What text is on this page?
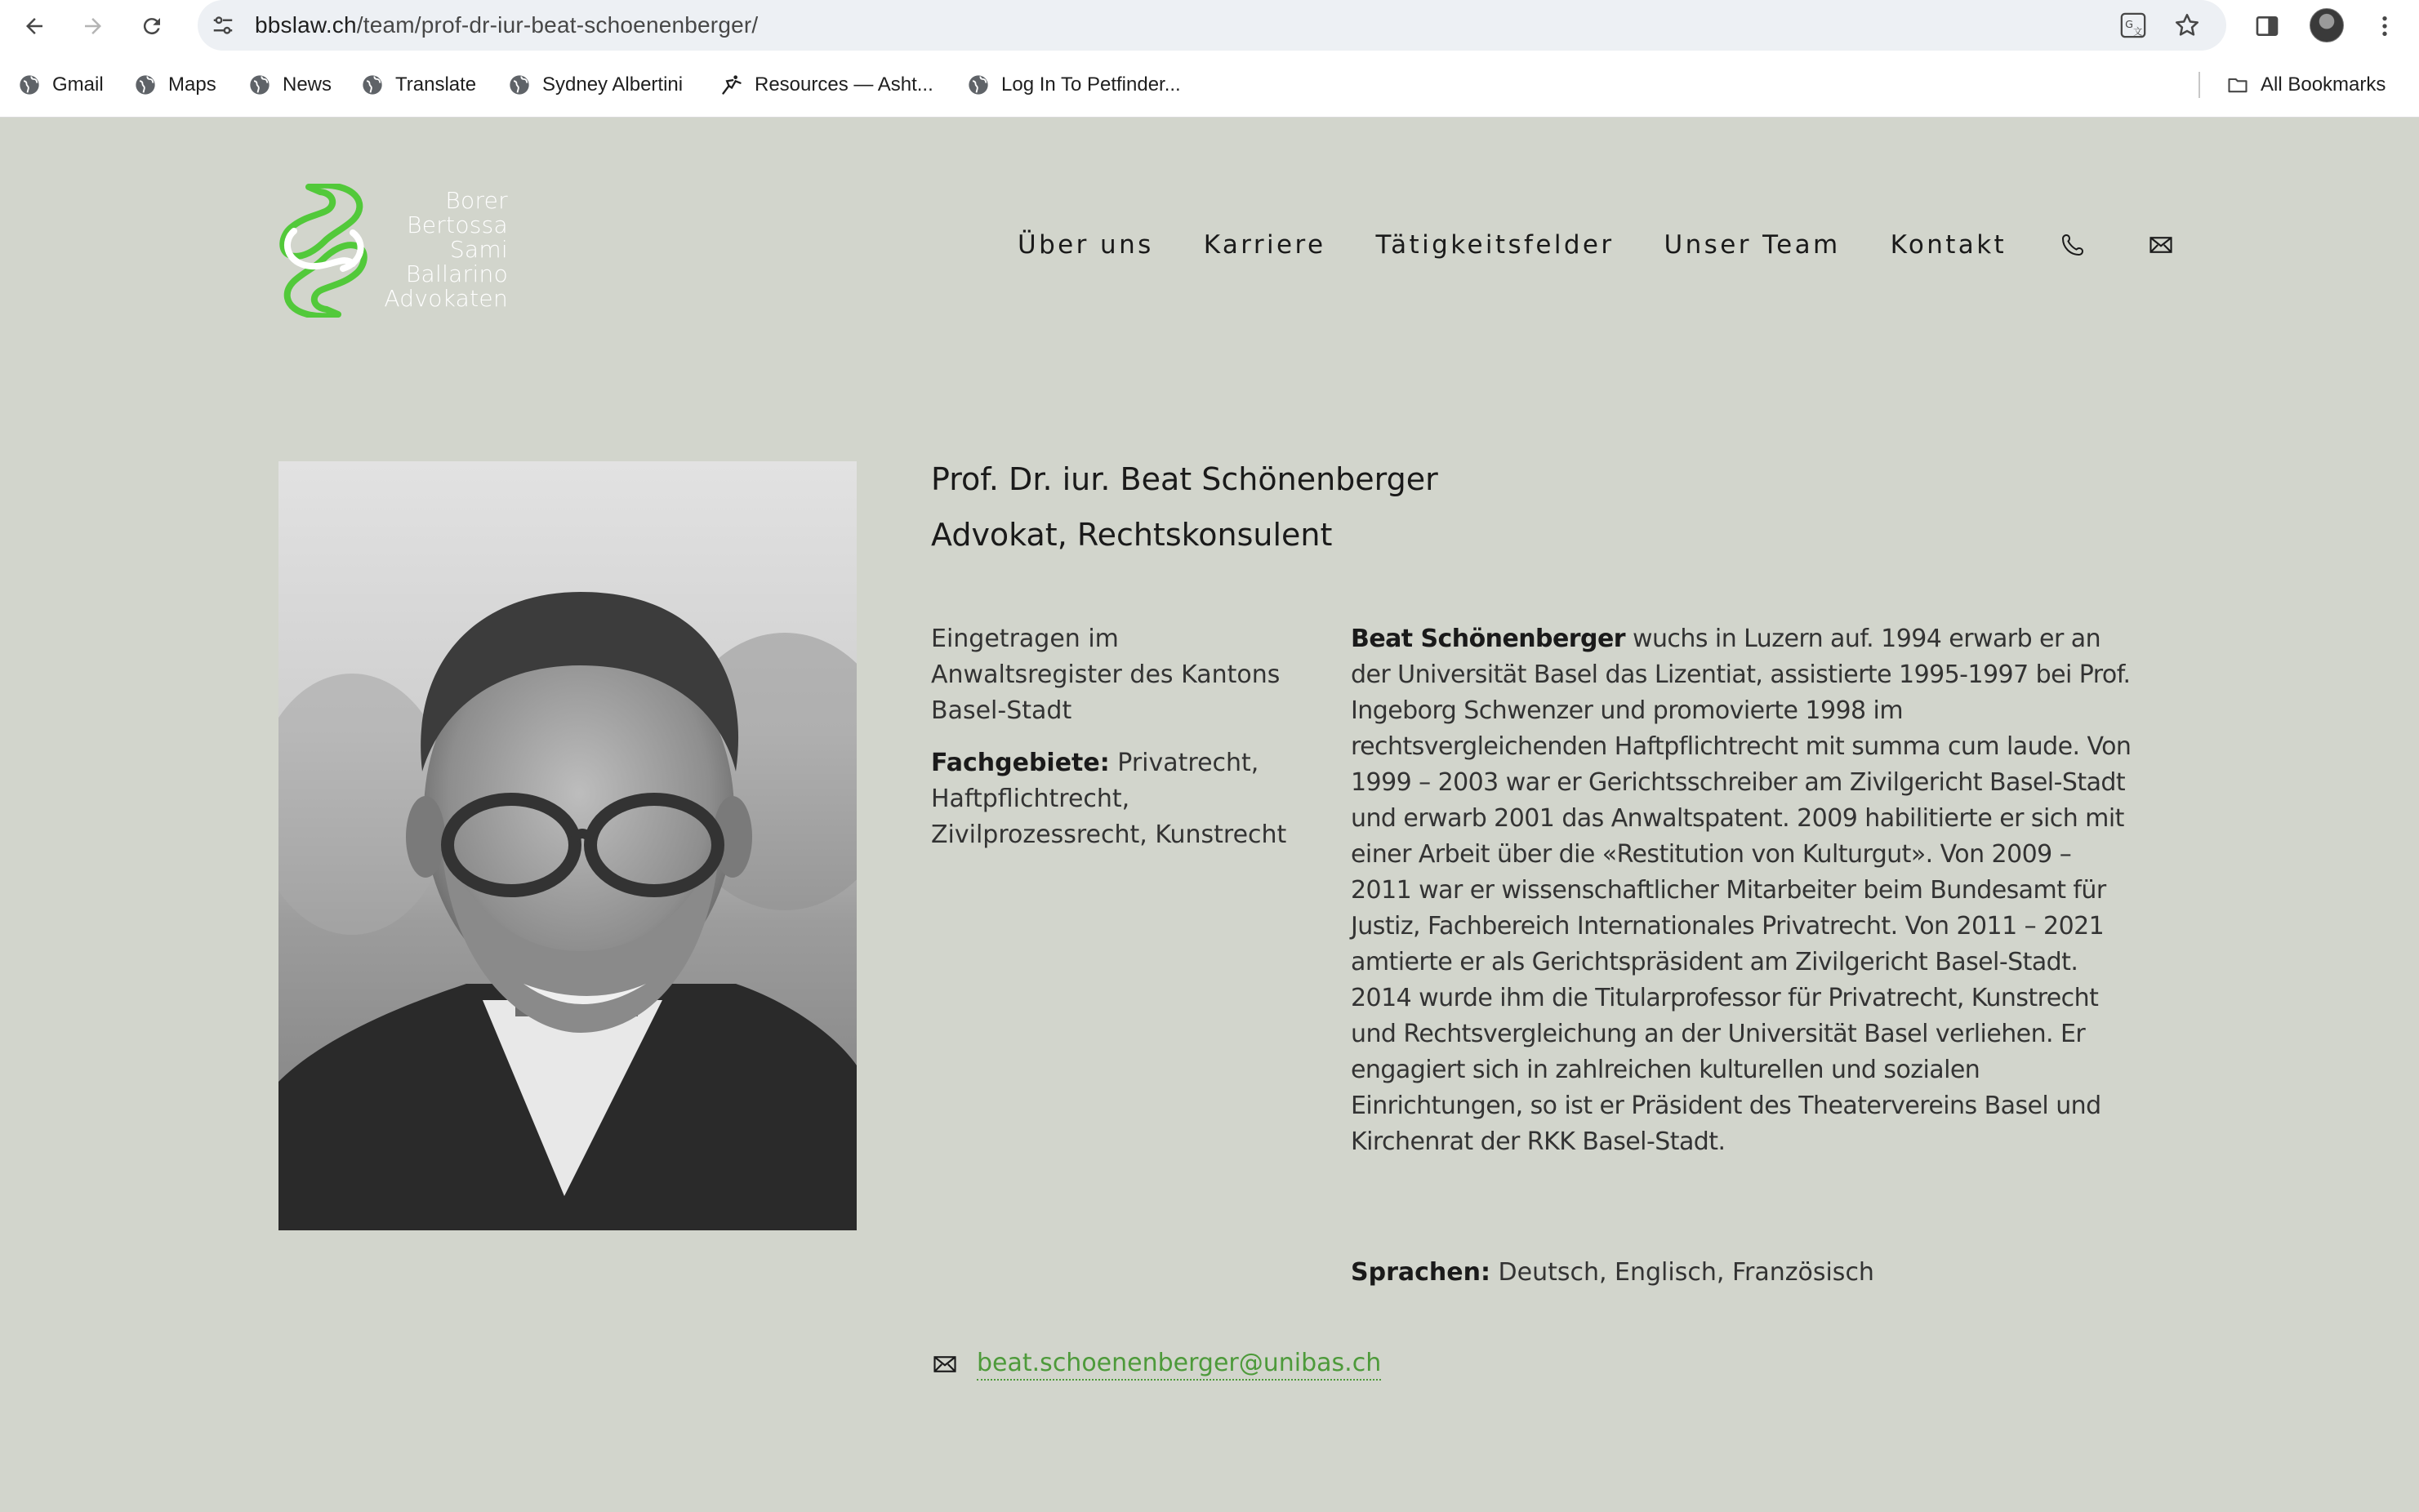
bbslaw.ch/team/prof-dr-iur-beat-schoenenberger/	G
文
Gmail	Maps	News	Translate	Sydney Albertini	Resources — Asht...	Log In To Petfinder...	All Bookmarks
Borer
Bertossa
Sami
Ballarino
Advokaten
Über uns Karriere Tätigkeitsfelder Unser Team Kontakt
Prof. Dr. iur. Beat Schönenberger
Advokat, Rechtskonsulent

Eingetragen im Anwaltsregister des Kantons Basel-Stadt

Fachgebiete: Privatrecht, Haftpflichtrecht, Zivilprozessrecht, Kunstrecht

Beat Schönenberger wuchs in Luzern auf. 1994 erwarb er an der Universität Basel das Lizentiat, assistierte 1995-1997 bei Prof. Ingeborg Schwenzer und promovierte 1998 im rechtsvergleichenden Haftpflichtrecht mit summa cum laude. Von 1999 – 2003 war er Gerichtsschreiber am Zivilgericht Basel-Stadt und erwarb 2001 das Anwaltspatent. 2009 habilitierte er sich mit einer Arbeit über die «Restitution von Kulturgut». Von 2009 – 2011 war er wissenschaftlicher Mitarbeiter beim Bundesamt für Justiz, Fachbereich Internationales Privatrecht. Von 2011 – 2021 amtierte er als Gerichtspräsident am Zivilgericht Basel-Stadt. 2014 wurde ihm die Titularprofessor für Privatrecht, Kunstrecht und Rechtsvergleichung an der Universität Basel verliehen. Er engagiert sich in zahlreichen kulturellen und sozialen Einrichtungen, so ist er Präsident des Theatervereins Basel und Kirchenrat der RKK Basel-Stadt.
Sprachen: Deutsch, Englisch, Französisch
beat.schoenenberger@unibas.ch
